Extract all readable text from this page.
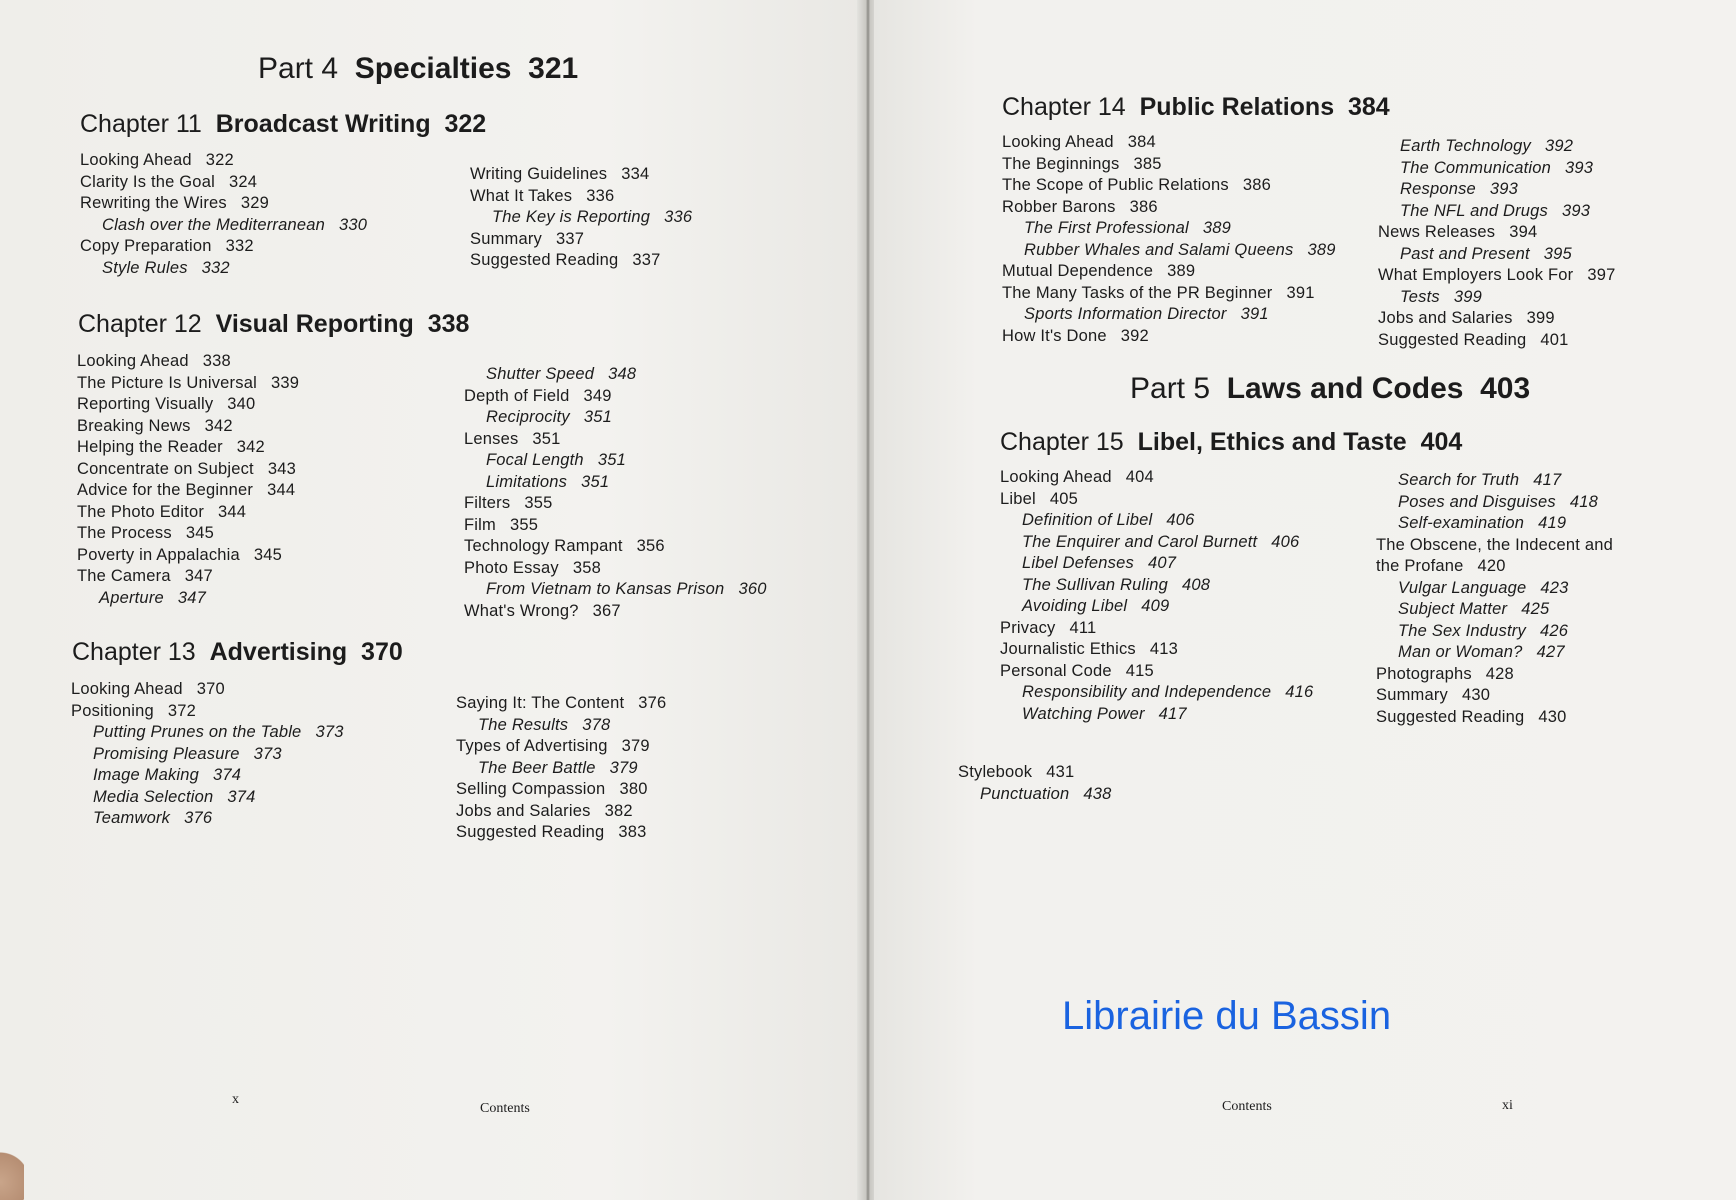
Part 4 Specialties 321
Chapter 11 Broadcast Writing 322
Looking Ahead 322
Clarity Is the Goal 324
Rewriting the Wires 329
Clash over the Mediterranean 330
Copy Preparation 332
Style Rules 332
Writing Guidelines 334
What It Takes 336
The Key is Reporting 336
Summary 337
Suggested Reading 337
Chapter 12 Visual Reporting 338
Looking Ahead 338
The Picture Is Universal 339
Reporting Visually 340
Breaking News 342
Helping the Reader 342
Concentrate on Subject 343
Advice for the Beginner 344
The Photo Editor 344
The Process 345
Poverty in Appalachia 345
The Camera 347
Aperture 347
Shutter Speed 348
Depth of Field 349
Reciprocity 351
Lenses 351
Focal Length 351
Limitations 351
Filters 355
Film 355
Technology Rampant 356
Photo Essay 358
From Vietnam to Kansas Prison 360
What's Wrong? 367
Chapter 13 Advertising 370
Looking Ahead 370
Positioning 372
Putting Prunes on the Table 373
Promising Pleasure 373
Image Making 374
Media Selection 374
Teamwork 376
Saying It: The Content 376
The Results 378
Types of Advertising 379
The Beer Battle 379
Selling Compassion 380
Jobs and Salaries 382
Suggested Reading 383
x
Contents
Chapter 14 Public Relations 384
Looking Ahead 384
The Beginnings 385
The Scope of Public Relations 386
Robber Barons 386
The First Professional 389
Rubber Whales and Salami Queens 389
Mutual Dependence 389
The Many Tasks of the PR Beginner 391
Sports Information Director 391
How It's Done 392
Earth Technology 392
The Communication 393
Response 393
The NFL and Drugs 393
News Releases 394
Past and Present 395
What Employers Look For 397
Tests 399
Jobs and Salaries 399
Suggested Reading 401
Part 5 Laws and Codes 403
Chapter 15 Libel, Ethics and Taste 404
Looking Ahead 404
Libel 405
Definition of Libel 406
The Enquirer and Carol Burnett 406
Libel Defenses 407
The Sullivan Ruling 408
Avoiding Libel 409
Privacy 411
Journalistic Ethics 413
Personal Code 415
Responsibility and Independence 416
Watching Power 417
Search for Truth 417
Poses and Disguises 418
Self-examination 419
The Obscene, the Indecent and
the Profane 420
Vulgar Language 423
Subject Matter 425
The Sex Industry 426
Man or Woman? 427
Photographs 428
Summary 430
Suggested Reading 430
Stylebook 431
Punctuation 438
Contents	xi
Librairie du Bassin
